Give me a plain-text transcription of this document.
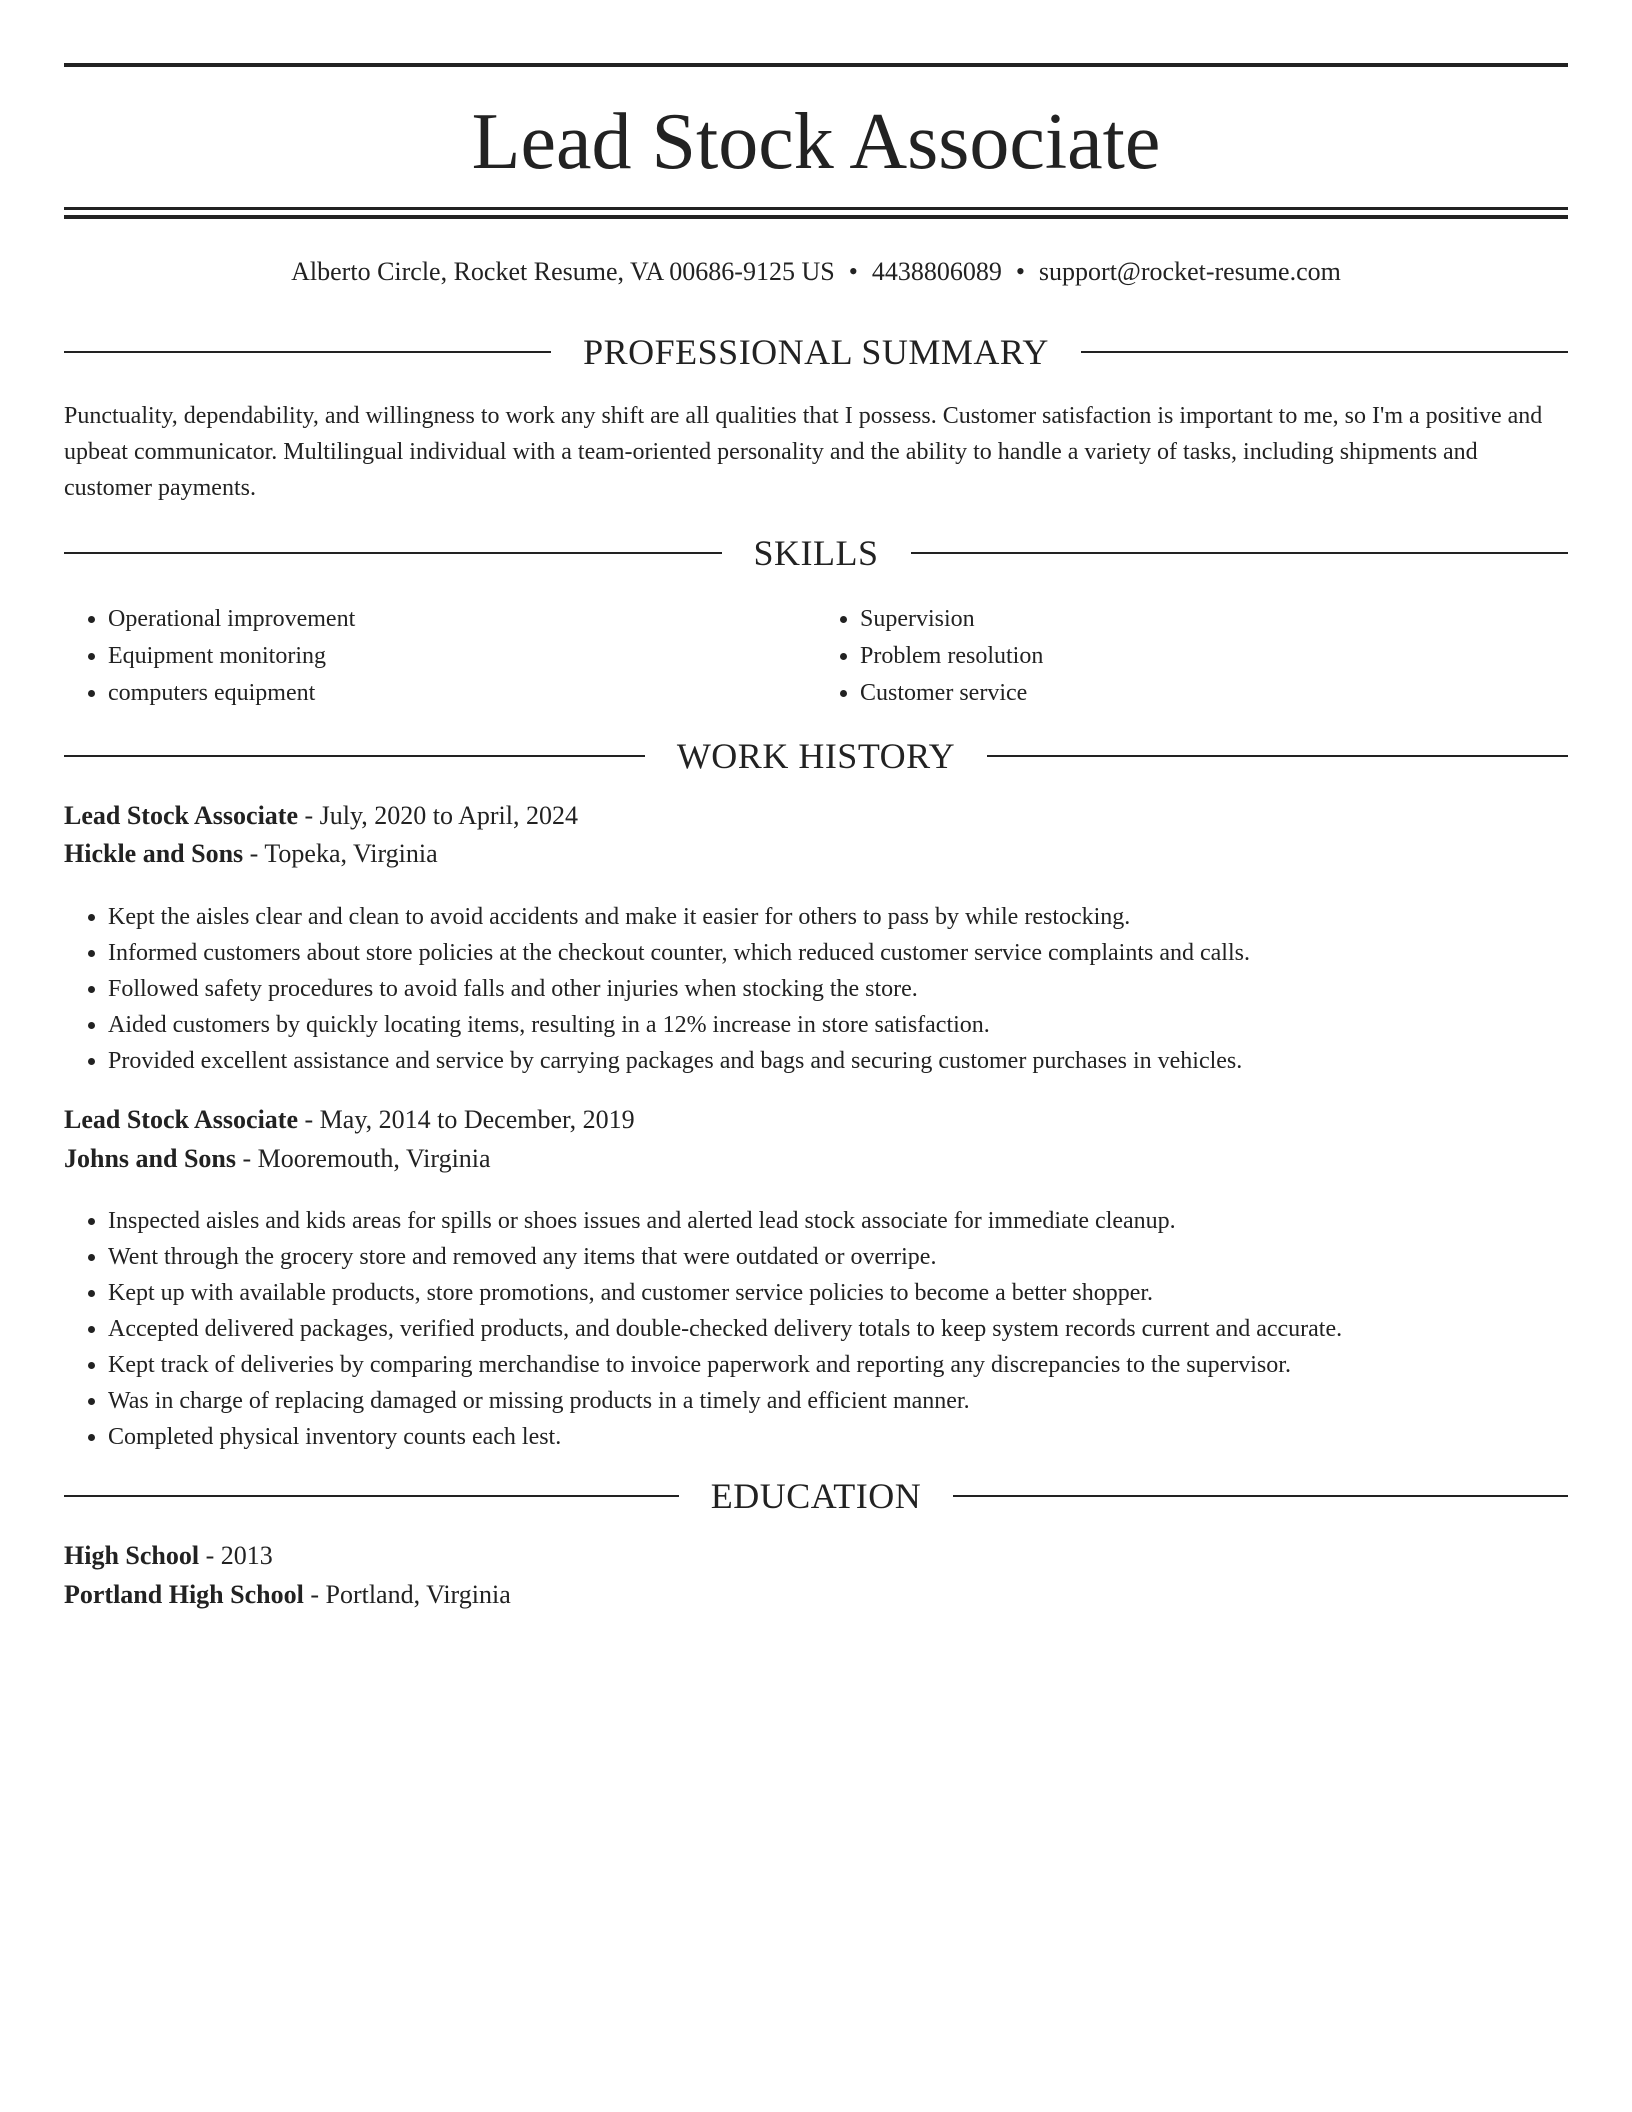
Lead Stock Associate
Alberto Circle, Rocket Resume, VA 00686-9125 US • 4438806089 • support@rocket-resume.com
PROFESSIONAL SUMMARY
Punctuality, dependability, and willingness to work any shift are all qualities that I possess. Customer satisfaction is important to me, so I'm a positive and upbeat communicator. Multilingual individual with a team-oriented personality and the ability to handle a variety of tasks, including shipments and customer payments.
SKILLS
• Operational improvement
• Equipment monitoring
• computers equipment
• Supervision
• Problem resolution
• Customer service
WORK HISTORY
Lead Stock Associate - July, 2020 to April, 2024
Hickle and Sons - Topeka, Virginia
• Kept the aisles clear and clean to avoid accidents and make it easier for others to pass by while restocking.
• Informed customers about store policies at the checkout counter, which reduced customer service complaints and calls.
• Followed safety procedures to avoid falls and other injuries when stocking the store.
• Aided customers by quickly locating items, resulting in a 12% increase in store satisfaction.
• Provided excellent assistance and service by carrying packages and bags and securing customer purchases in vehicles.
Lead Stock Associate - May, 2014 to December, 2019
Johns and Sons - Mooremouth, Virginia
• Inspected aisles and kids areas for spills or shoes issues and alerted lead stock associate for immediate cleanup.
• Went through the grocery store and removed any items that were outdated or overripe.
• Kept up with available products, store promotions, and customer service policies to become a better shopper.
• Accepted delivered packages, verified products, and double-checked delivery totals to keep system records current and accurate.
• Kept track of deliveries by comparing merchandise to invoice paperwork and reporting any discrepancies to the supervisor.
• Was in charge of replacing damaged or missing products in a timely and efficient manner.
• Completed physical inventory counts each lest.
EDUCATION
High School - 2013
Portland High School - Portland, Virginia
